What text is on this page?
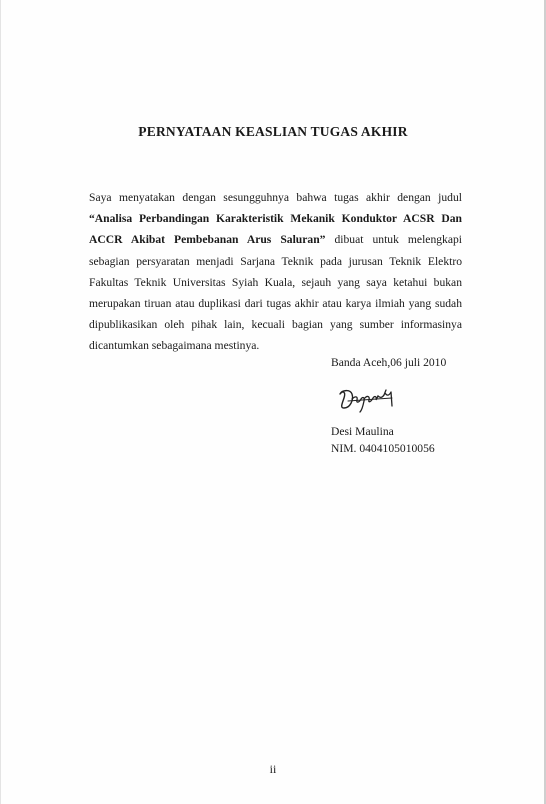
PERNYATAAN KEASLIAN TUGAS AKHIR

Saya menyatakan dengan sesungguhnya bahwa tugas akhir dengan judul “Analisa Perbandingan Karakteristik Mekanik Konduktor ACSR Dan ACCR Akibat Pembebanan Arus Saluran” dibuat untuk melengkapi sebagian persyaratan menjadi Sarjana Teknik pada jurusan Teknik Elektro Fakultas Teknik Universitas Syiah Kuala, sejauh yang saya ketahui bukan merupakan tiruan atau duplikasi dari tugas akhir atau karya ilmiah yang sudah dipublikasikan oleh pihak lain, kecuali bagian yang sumber informasinya dicantumkan sebagaimana mestinya.

Banda Aceh,06 juli 2010
Desi Maulina
NIM. 0404105010056
ii
